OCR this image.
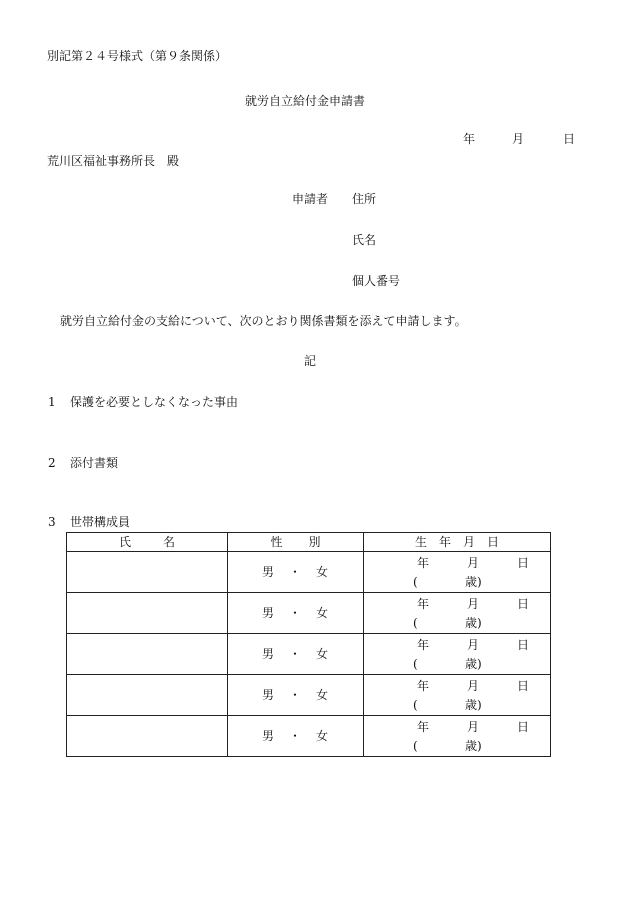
別記第２４号様式（第９条関係）
就労自立給付金申請書
年	月	日
荒川区福祉事務所長　殿
申請者 住所
氏名
個人番号
就労自立給付金の支給について、次のとおり関係書類を添えて申請します。
記
1 保護を必要としなくなった事由
2 添付書類
3 世帯構成員
氏 名	性 別	生 年 月 日
	男 ・ 女	年 月 日
( 歳)

	男 ・ 女	年 月 日
( 歳)

	男 ・ 女	年 月 日
( 歳)

	男 ・ 女	年 月 日
( 歳)

	男 ・ 女	年 月 日
( 歳)
